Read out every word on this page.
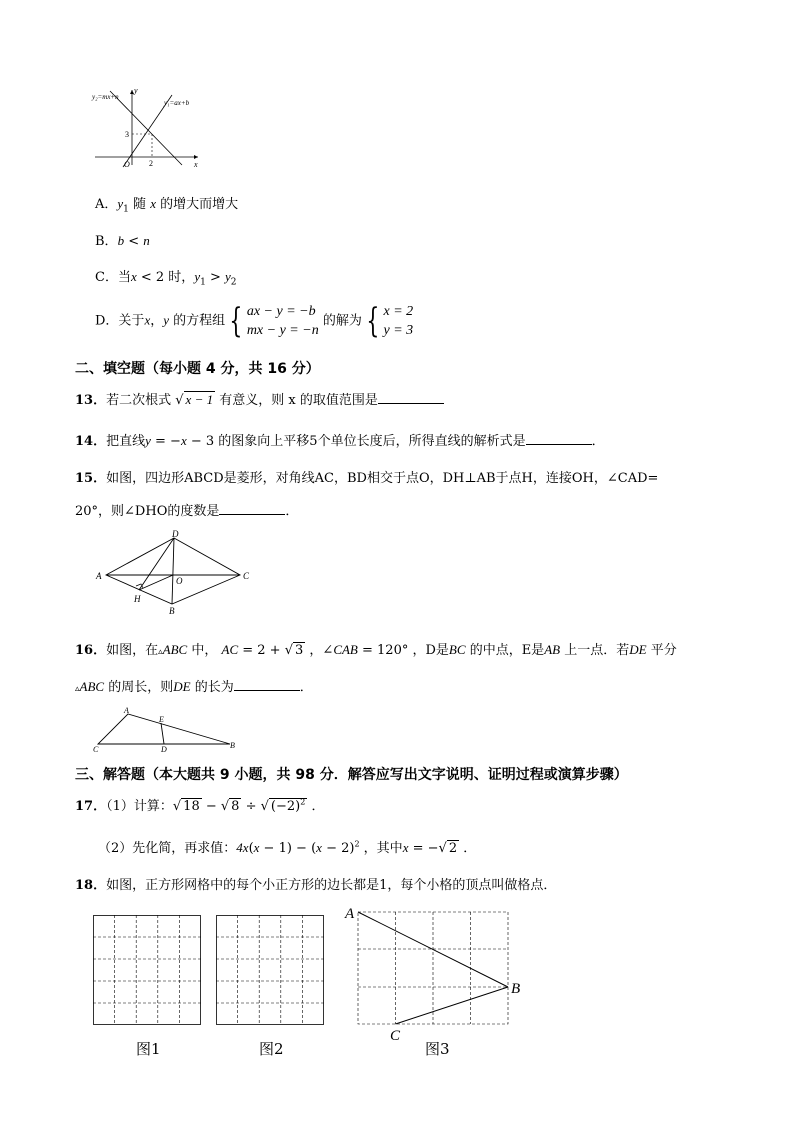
y₂=mx+n
y₁=ax+b
y
x
O
3
2
A．$y_1$ 随 x 的增大而增大
B．b < n
C．当x < 2 时，$y_1 > y_2$
D．关于x，y 的方程组 { ax − y = −b
mx − y = −n 的解为 { x = 2
y = 3
二、填空题（每小题 4 分，共 16 分）
13．若二次根式 √ x − 1 有意义，则 x 的取值范围是
14．把直线y = −x − 3 的图象向上平移5个单位长度后，所得直线的解析式是	．
15．如图，四边形ABCD是菱形，对角线AC，BD相交于点O，DH⊥AB于点H，连接OH，∠CAD=
20°，则∠DHO的度数是	．
D
A	C
O
H
B
16．如图，在▵ABC 中， AC = 2 + √ 3 ，∠CAB = 120° ，D是BC 的中点，E是AB 上一点．若DE 平分
▵ABC 的周长，则DE 的长为	．
A
E
C	D	B
三、解答题（本大题共 9 小题，共 98 分．解答应写出文字说明、证明过程或演算步骤）
17．（1）计算：√ 18 − √ 8 ÷ √ $(-2)^2$ ．
（2）先化简，再求值：$4x(x - 1) - (x - 2)^2$ ，其中x = −√ 2 ．
18．如图，正方形网格中的每个小正方形的边长都是1，每个小格的顶点叫做格点．
A
B
C
图1	图2	图3
